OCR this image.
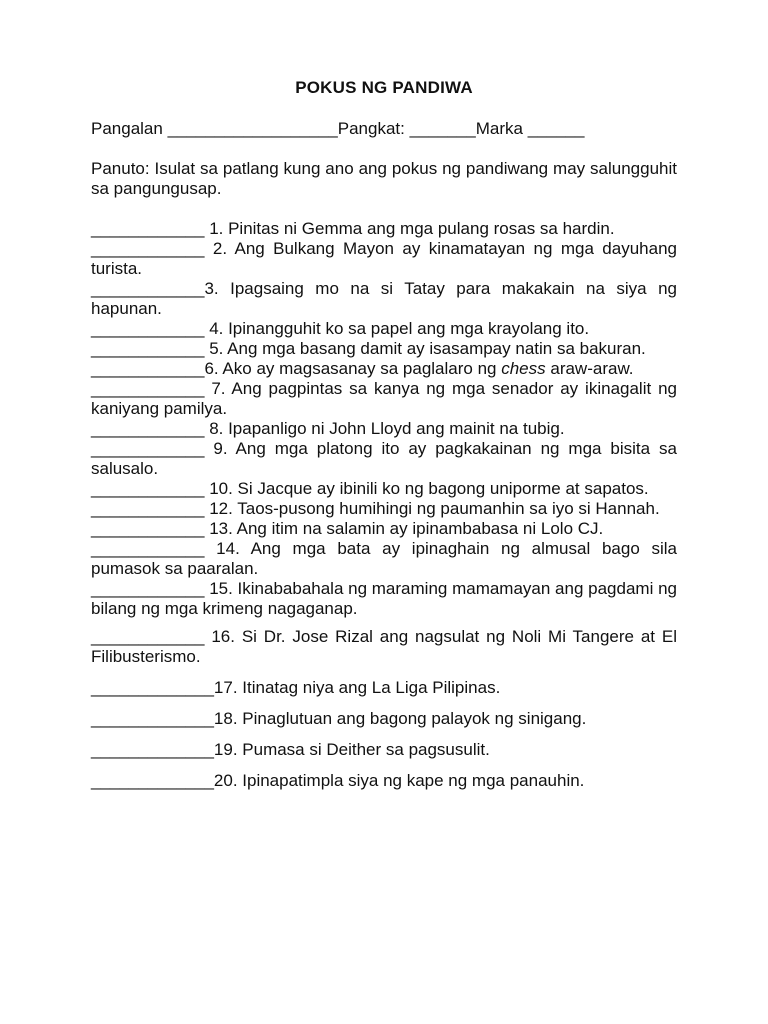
POKUS NG PANDIWA
Pangalan __________________Pangkat: _______Marka ______
Panuto: Isulat sa patlang kung ano ang pokus ng pandiwang may salungguhit sa pangungusap.
____________ 1. Pinitas ni Gemma ang mga pulang rosas sa hardin.
____________ 2. Ang Bulkang Mayon ay kinamatayan ng mga dayuhang turista.
____________3. Ipagsaing mo na si Tatay para makakain na siya ng hapunan.
____________ 4. Ipinangguhit ko sa papel ang mga krayolang ito.
____________ 5. Ang mga basang damit ay isasampay natin sa bakuran.
____________6. Ako ay magsasanay sa paglalaro ng chess araw-araw.
____________ 7. Ang pagpintas sa kanya ng mga senador ay ikinagalit ng kaniyang pamilya.
____________ 8. Ipapanligo ni John Lloyd ang mainit na tubig.
____________ 9. Ang mga platong ito ay pagkakainan ng mga bisita sa salusalo.
____________ 10. Si Jacque ay ibinili ko ng bagong uniporme at sapatos.
____________ 12. Taos-pusong humihingi ng paumanhin sa iyo si Hannah.
____________ 13. Ang itim na salamin ay ipinambabasa ni Lolo CJ.
____________ 14. Ang mga bata ay ipinaghain ng almusal bago sila pumasok sa paaralan.
____________ 15. Ikinababahala ng maraming mamamayan ang pagdami ng bilang ng mga krimeng nagaganap.
____________ 16. Si Dr. Jose Rizal ang nagsulat ng Noli Mi Tangere at El Filibusterismo.
_____________17. Itinatag niya ang La Liga Pilipinas.
_____________18. Pinaglutuan ang bagong palayok ng sinigang.
_____________19. Pumasa si Deither sa pagsusulit.
_____________20. Ipinapatimpla siya ng kape ng mga panauhin.
